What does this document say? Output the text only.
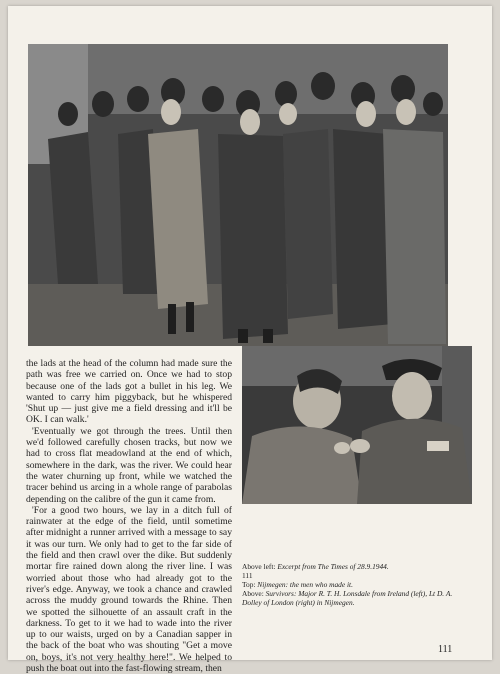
the lads at the head of the column had made sure the path was free we carried on. Once we had to stop because one of the lads got a bullet in his leg. We wanted to carry him piggyback, but he whispered 'Shut up — just give me a field dressing and it'll be OK. I can walk.'

'Eventually we got through the trees. Until then we'd followed carefully chosen tracks, but now we had to cross flat meadowland at the end of which, somewhere in the dark, was the river. We could hear the water churning up front, while we watched the tracer behind us arcing in a whole range of parabolas depending on the calibre of the gun it came from.

'For a good two hours, we lay in a ditch full of rainwater at the edge of the field, until sometime after midnight a runner arrived with a message to say it was our turn. We only had to get to the far side of the field and then crawl over the dike. But suddenly mortar fire rained down along the river line. I was worried about those who had already got to the river's edge. Anyway, we took a chance and crawled across the muddy ground towards the Rhine. Then we spotted the silhouette of an assault craft in the darkness. To get to it we had to wade into the river up to our waists, urged on by a Canadian sapper in the back of the boat who was shouting "Get a move on, boys, it's not very healthy here!". We helped to push the boat out into the fast-flowing stream, then

Above left: Excerpt from The Times of 28.9.1944.

111

Top: Nijmegen: the men who made it.

Above: Survivors: Major R. T. H. Lonsdale from Ireland (left), Lt D. A. Dolley of London (right) in Nijmegen.

111
